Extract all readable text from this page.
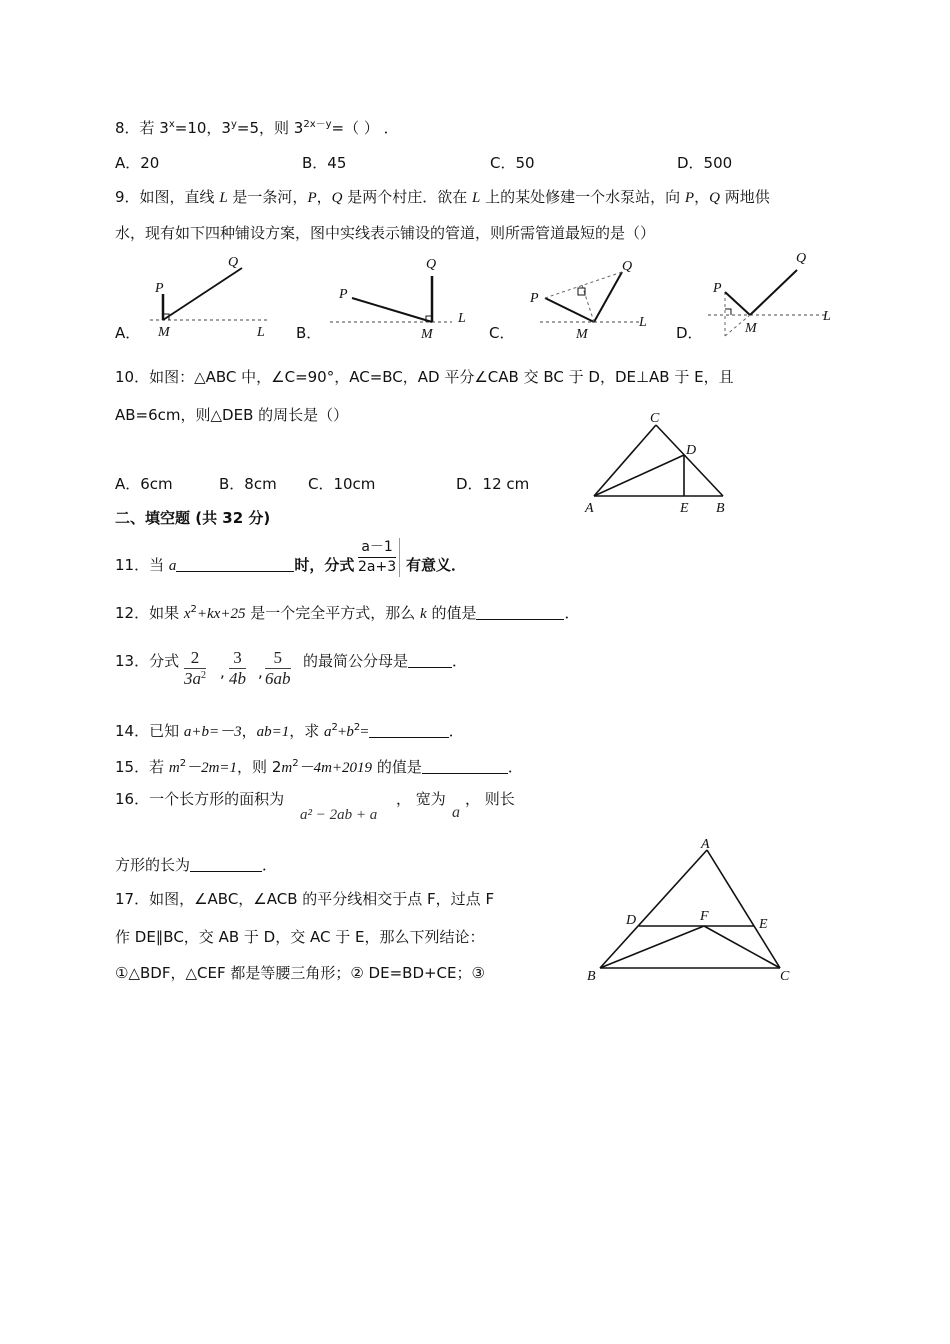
8．若 $3^x=10$，$3^y=5$，则 $3^{2x-y}=$（ ） ．
A．20	B．45	C．50	D．500
9．如图，直线 L 是一条河，P，Q 是两个村庄．欲在 L 上的某处修建一个水泵站，向 P，Q 两地供
水，现有如下四种铺设方案，图中实线表示铺设的管道，则所需管道最短的是（）
A．	B．	C．	D．
P
Q
M	L
P
Q
M
L
P
Q
M
L
P
Q
M
L
10．如图：△ABC 中，∠C=90°，AC=BC，AD 平分∠CAB 交 BC 于 D，DE⊥AB 于 E，且
AB=6cm，则△DEB 的周长是（）
A．6cm	B．8cm C．10cm	D．12 cm
C
D
A	E B
二、填空题 (共 32 分)
11．当 a	时，分式 $\frac{a-1}{2a+3}$ 有意义．
12．如果 $x^2+kx+25$ 是一个完全平方式，那么 k 的值是	．
13．分式 $\frac{2}{3a^2}$ , $\frac{3}{4b}$ , $\frac{5}{6ab}$ 的最简公分母是	．
14．已知 a+b=－3，ab=1，求 $a^2+b^2=$	．
15．若 $m^2-2m=1$，则 $2m^2-4m+2019$ 的值是	．
16．一个长方形的面积为
a² − 2ab + a
， 宽为
a
， 则长
方形的长为	．
17．如图，∠ABC，∠ACB 的平分线相交于点 F，过点 F
作 DE∥BC，交 AB 于 D，交 AC 于 E，那么下列结论：
①△BDF，△CEF 都是等腰三角形；② DE=BD+CE；③
A
D	F
E
B	C
